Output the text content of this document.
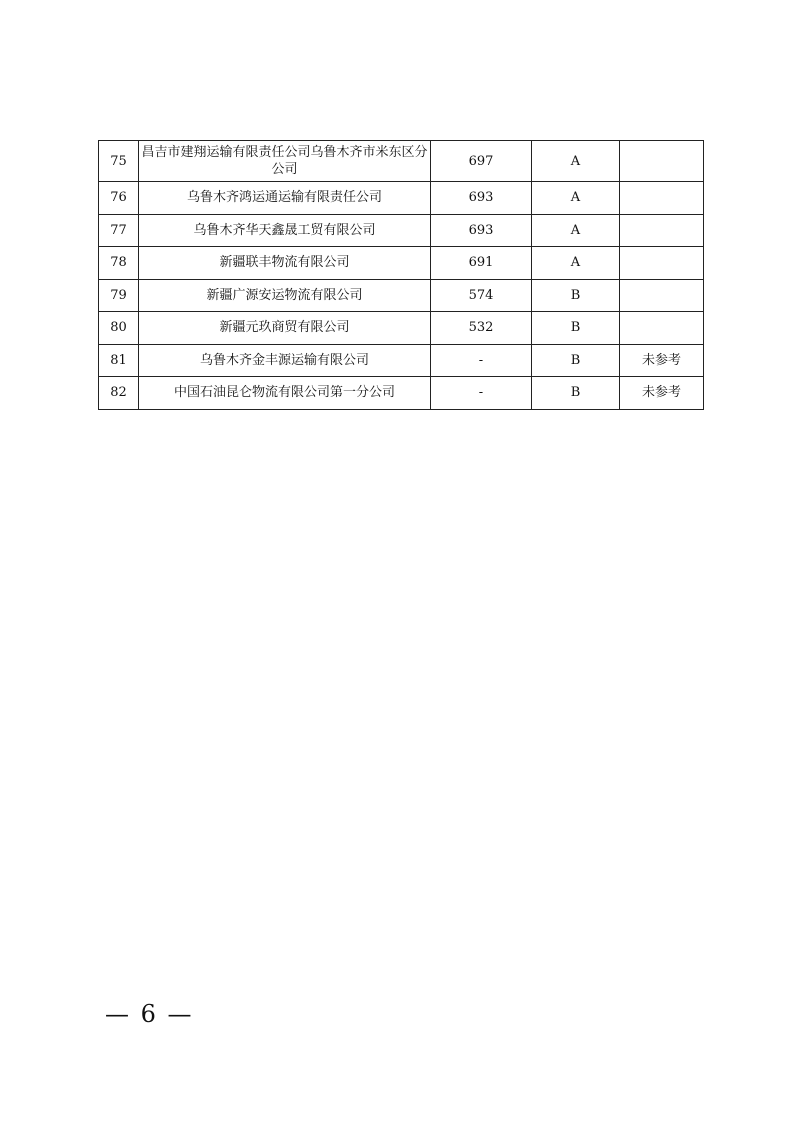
75	昌吉市建翔运输有限责任公司乌鲁木齐市米东区分公司	697	A	
76	乌鲁木齐鸿运通运输有限责任公司	693	A	
77	乌鲁木齐华天鑫晟工贸有限公司	693	A	
78	新疆联丰物流有限公司	691	A	
79	新疆广源安运物流有限公司	574	B	
80	新疆元玖商贸有限公司	532	B	
81	乌鲁木齐金丰源运输有限公司	-	B	未参考
82	中国石油昆仑物流有限公司第一分公司	-	B	未参考
— 6 —
